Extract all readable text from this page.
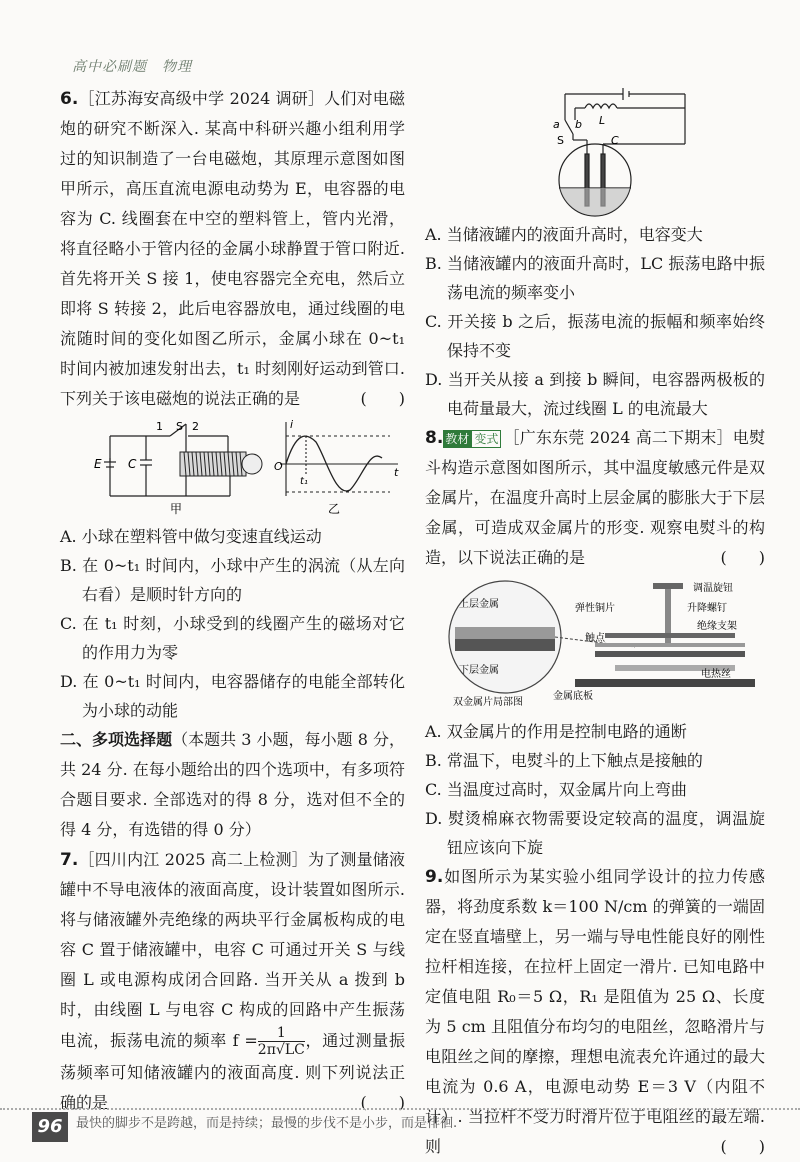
高中必刷题　物理

6.［江苏海安高级中学 2024 调研］人们对电磁炮的研究不断深入. 某高中科研兴趣小组利用学过的知识制造了一台电磁炮，其原理示意图如图甲所示，高压直流电源电动势为 E，电容器的电容为 C. 线圈套在中空的塑料管上，管内光滑，将直径略小于管内径的金属小球静置于管口附近. 首先将开关 S 接 1，使电容器完全充电，然后立即将 S 转接 2，此后电容器放电，通过线圈的电流随时间的变化如图乙所示，金属小球在 0~t₁ 时间内被加速发射出去，t₁ 时刻刚好运动到管口. 下列关于该电磁炮的说法正确的是	(　　)

1 S 2
E C
甲
i
t
O
t₁
乙

A. 小球在塑料管中做匀变速直线运动

B. 在 0~t₁ 时间内，小球中产生的涡流（从左向右看）是顺时针方向的

C. 在 t₁ 时刻，小球受到的线圈产生的磁场对它的作用力为零

D. 在 0~t₁ 时间内，电容器储存的电能全部转化为小球的动能

二、多项选择题（本题共 3 小题，每小题 8 分，共 24 分. 在每小题给出的四个选项中，有多项符合题目要求. 全部选对的得 8 分，选对但不全的得 4 分，有选错的得 0 分）

7.［四川内江 2025 高二上检测］为了测量储液罐中不导电液体的液面高度，设计装置如图所示. 将与储液罐外壳绝缘的两块平行金属板构成的电容 C 置于储液罐中，电容 C 可通过开关 S 与线圈 L 或电源构成闭合回路. 当开关从 a 拨到 b 时，由线圈 L 与电容 C 构成的回路中产生振荡电流，振荡电流的频率 $f = \frac{1}{2\pi√LC}$，通过测量振荡频率可知储液罐内的液面高度. 则下列说法正确的是	(　　)

a b
S
L
C

A. 当储液罐内的液面升高时，电容变大

B. 当储液罐内的液面升高时，LC 振荡电路中振荡电流的频率变小

C. 开关接 b 之后，振荡电流的振幅和频率始终保持不变

D. 当开关从接 a 到接 b 瞬间，电容器两极板的电荷量最大，流过线圈 L 的电流最大

8. 教材 变式 ［广东东莞 2024 高二下期末］电熨斗构造示意图如图所示，其中温度敏感元件是双金属片，在温度升高时上层金属的膨胀大于下层金属，可造成双金属片的形变. 观察电熨斗的构造，以下说法正确的是	(　　)

上层金属
下层金属
双金属片局部图
弹性铜片
调温旋钮
升降螺钉
绝缘支架
触点
电热丝
金属底板

A. 双金属片的作用是控制电路的通断

B. 常温下，电熨斗的上下触点是接触的

C. 当温度过高时，双金属片向上弯曲

D. 熨烫棉麻衣物需要设定较高的温度，调温旋钮应该向下旋

9.如图所示为某实验小组同学设计的拉力传感器，将劲度系数 k＝100 N/cm 的弹簧的一端固定在竖直墙壁上，另一端与导电性能良好的刚性拉杆相连接，在拉杆上固定一滑片. 已知电路中定值电阻 R₀＝5 Ω，R₁ 是阻值为 25 Ω、长度为 5 cm 且阻值分布均匀的电阻丝，忽略滑片与电阻丝之间的摩擦，理想电流表允许通过的最大电流为 0.6 A，电源电动势 E＝3 V（内阻不计）. 当拉杆不受力时滑片位于电阻丝的最左端. 则	(　　)

96	最快的脚步不是跨越，而是持续；最慢的步伐不是小步，而是徘徊.
